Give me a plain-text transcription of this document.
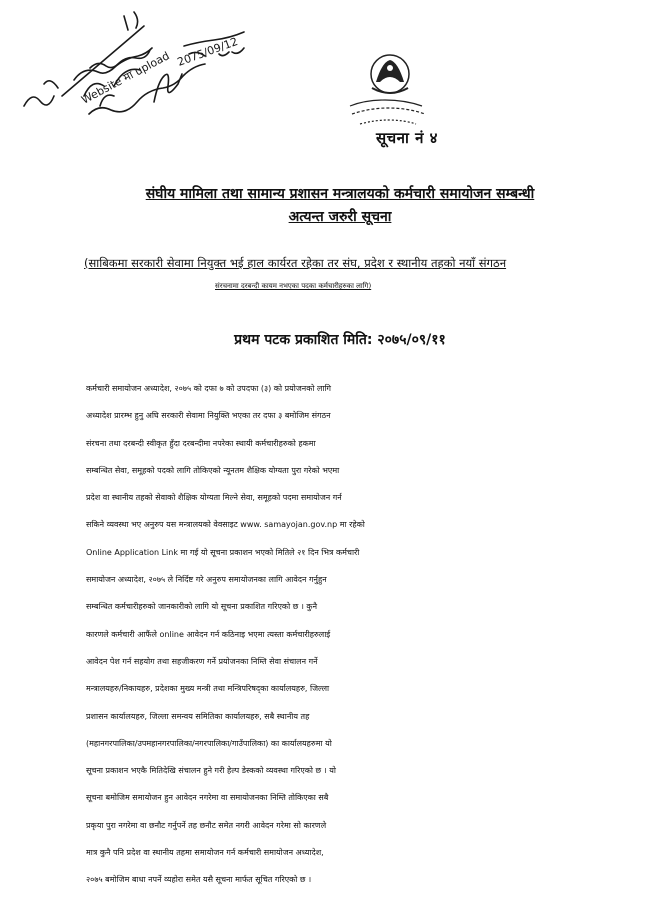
Website मा upload 2075/09/12
सूचना नं ४
संघीय मामिला तथा सामान्य प्रशासन मन्त्रालयको कर्मचारी समायोजन सम्बन्धी
अत्यन्त जरुरी सूचना
(साबिकमा सरकारी सेवामा नियुक्त भई हाल कार्यरत रहेका तर संघ, प्रदेश र स्थानीय तहको नयाँ संगठन
संरचनामा दरबन्दी कायम नभएका पदका कर्मचारीहरुका लागि)
प्रथम पटक प्रकाशित मिति: २०७५/०९/११
कर्मचारी समायोजन अध्यादेश, २०७५ को दफा ७ को उपदफा (३) को प्रयोजनको लागि
अध्यादेश प्रारम्भ हुनु अघि सरकारी सेवामा नियुक्ति भएका तर दफा ३ बमोजिम संगठन
संरचना तथा दरबन्दी स्वीकृत हुँदा दरबन्दीमा नपरेका स्थायी कर्मचारीहरुको हकमा
सम्बन्धित सेवा, समूहको पदको लागि तोकिएको न्यूनतम शैक्षिक योग्यता पुरा गरेको भएमा
प्रदेश वा स्थानीय तहको सेवाको शैक्षिक योग्यता मिल्ने सेवा, समूहको पदमा समायोजन गर्न
सकिने व्यवस्था भए अनुरुप यस मन्त्रालयको वेवसाइट www. samayojan.gov.np मा रहेको
Online Application Link मा गई यो सूचना प्रकाशन भएको मितिले २१ दिन भित्र कर्मचारी
समायोजन अध्यादेश, २०७५ ले निर्दिष्ट गरे अनुरुप समायोजनका लागि आवेदन गर्नुहुन
सम्बन्धित कर्मचारीहरुको जानकारीको लागि यो सूचना प्रकाशित गरिएको छ । कुनै
कारणले कर्मचारी आफैंले online आवेदन गर्न कठिनाइ भएमा त्यस्ता कर्मचारीहरुलाई
आवेदन पेश गर्न सहयोग तथा सहजीकरण गर्ने प्रयोजनका निम्ति सेवा संचालन गर्ने
मन्त्रालयहरु/निकायहरु, प्रदेशका मुख्य मन्त्री तथा मन्त्रिपरिषद्का कार्यालयहरु, जिल्ला
प्रशासन कार्यालयहरु, जिल्ला समन्वय समितिका कार्यालयहरु, सबै स्थानीय तह
(महानगरपालिका/उपमहानगरपालिका/नगरपालिका/गाउँपालिका) का कार्यालयहरुमा यो
सूचना प्रकाशन भएकै मितिदेखि संचालन हुने गरी हेल्प डेस्कको व्यवस्था गरिएको छ । यो
सूचना बमोजिम समायोजन हुन आवेदन नगरेमा वा समायोजनका निम्ति तोकिएका सबै
प्रकृया पुरा नगरेमा वा छनौट गर्नुपर्ने तह छनौट समेत नगरी आवेदन गरेमा सो कारणले
मात्र कुनै पनि प्रदेश वा स्थानीय तहमा समायोजन गर्न कर्मचारी समायोजन अध्यादेश,
२०७५ बमोजिम बाधा नपर्ने व्यहोरा समेत यसै सूचना मार्फत सूचित गरिएको छ ।
